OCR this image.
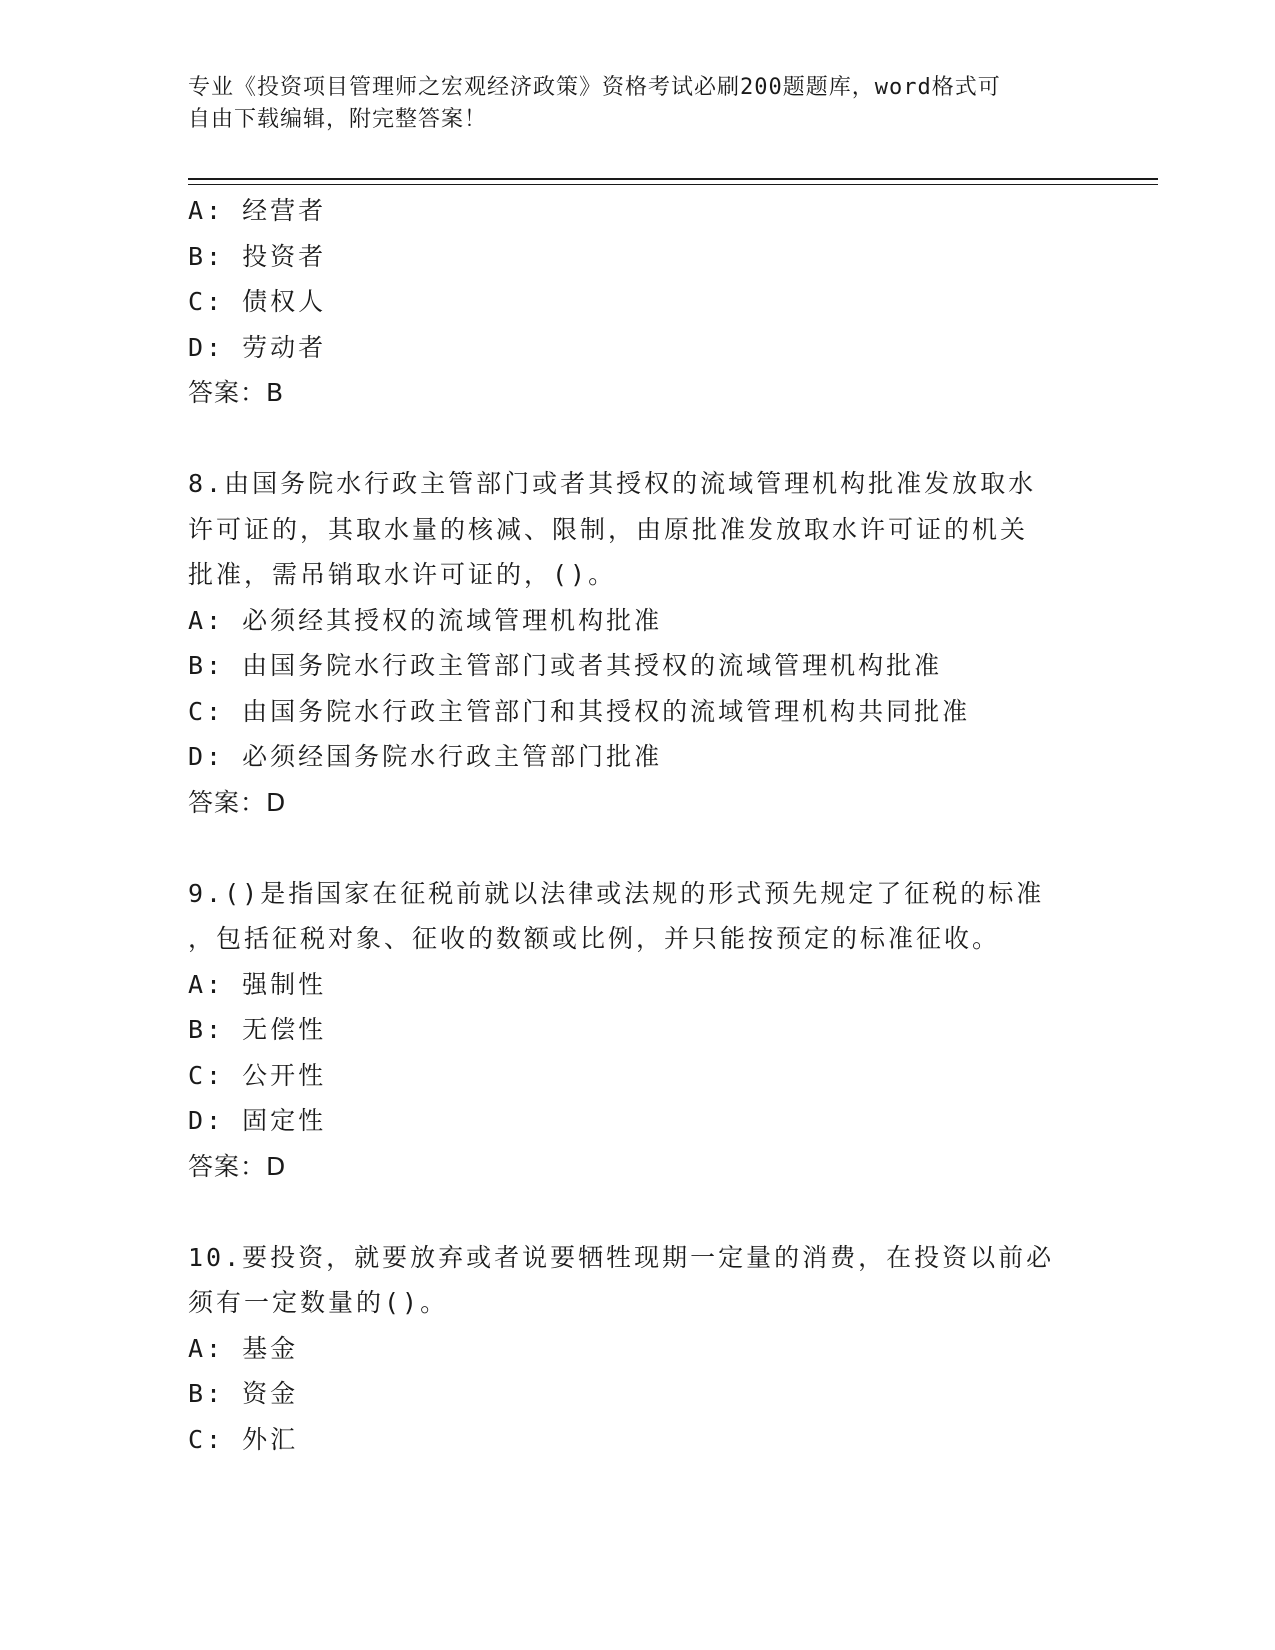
专业《投资项目管理师之宏观经济政策》资格考试必刷200题题库，word格式可
自由下载编辑，附完整答案！
A: 经营者
B: 投资者
C: 债权人
D: 劳动者
答案：B
8.由国务院水行政主管部门或者其授权的流域管理机构批准发放取水
许可证的，其取水量的核减、限制，由原批准发放取水许可证的机关
批准，需吊销取水许可证的，()。
A: 必须经其授权的流域管理机构批准
B: 由国务院水行政主管部门或者其授权的流域管理机构批准
C: 由国务院水行政主管部门和其授权的流域管理机构共同批准
D: 必须经国务院水行政主管部门批准
答案：D
9.()是指国家在征税前就以法律或法规的形式预先规定了征税的标准
，包括征税对象、征收的数额或比例，并只能按预定的标准征收。
A: 强制性
B: 无偿性
C: 公开性
D: 固定性
答案：D
10.要投资，就要放弃或者说要牺牲现期一定量的消费，在投资以前必
须有一定数量的()。
A: 基金
B: 资金
C: 外汇
